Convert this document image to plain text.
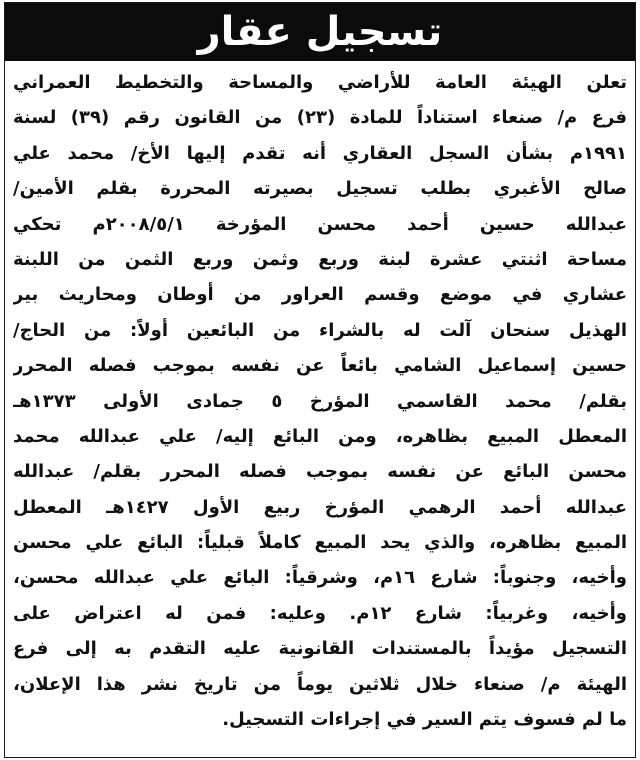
تسجيل عقار
تعلن الهيئة العامة للأراضي والمساحة والتخطيط العمراني
فرع م/ صنعاء استناداً للمادة (٢٣) من القانون رقم (٣٩) لسنة
١٩٩١م بشأن السجل العقاري أنه تقدم إليها الأخ/ محمد علي
صالح الأغبري بطلب تسجيل بصيرته المحررة بقلم الأمين/
عبدالله حسين أحمد محسن المؤرخة ٢٠٠٨/٥/١م تحكي
مساحة اثنتي عشرة لبنة وربع وثمن وربع الثمن من اللبنة
عشاري في موضع وقسم العراور من أوطان ومحاريث بير
الهذيل سنحان آلت له بالشراء من البائعين أولاً: من الحاج/
حسين إسماعيل الشامي بائعاً عن نفسه بموجب فصله المحرر
بقلم/ محمد القاسمي المؤرخ ٥ جمادى الأولى ١٣٧٣هـ
المعطل المبيع بظاهره، ومن البائع إليه/ علي عبدالله محمد
محسن البائع عن نفسه بموجب فصله المحرر بقلم/ عبدالله
عبدالله أحمد الرهمي المؤرخ ربيع الأول ١٤٢٧هـ المعطل
المبيع بظاهره، والذي يحد المبيع كاملاً قبلياً: البائع علي محسن
وأخيه، وجنوباً: شارع ١٦م، وشرقياً: البائع علي عبدالله محسن،
وأخيه، وغربياً: شارع ١٢م. وعليه: فمن له اعتراض على
التسجيل مؤيداً بالمستندات القانونية عليه التقدم به إلى فرع
الهيئة م/ صنعاء خلال ثلاثين يوماً من تاريخ نشر هذا الإعلان،
ما لم فسوف يتم السير في إجراءات التسجيل.
